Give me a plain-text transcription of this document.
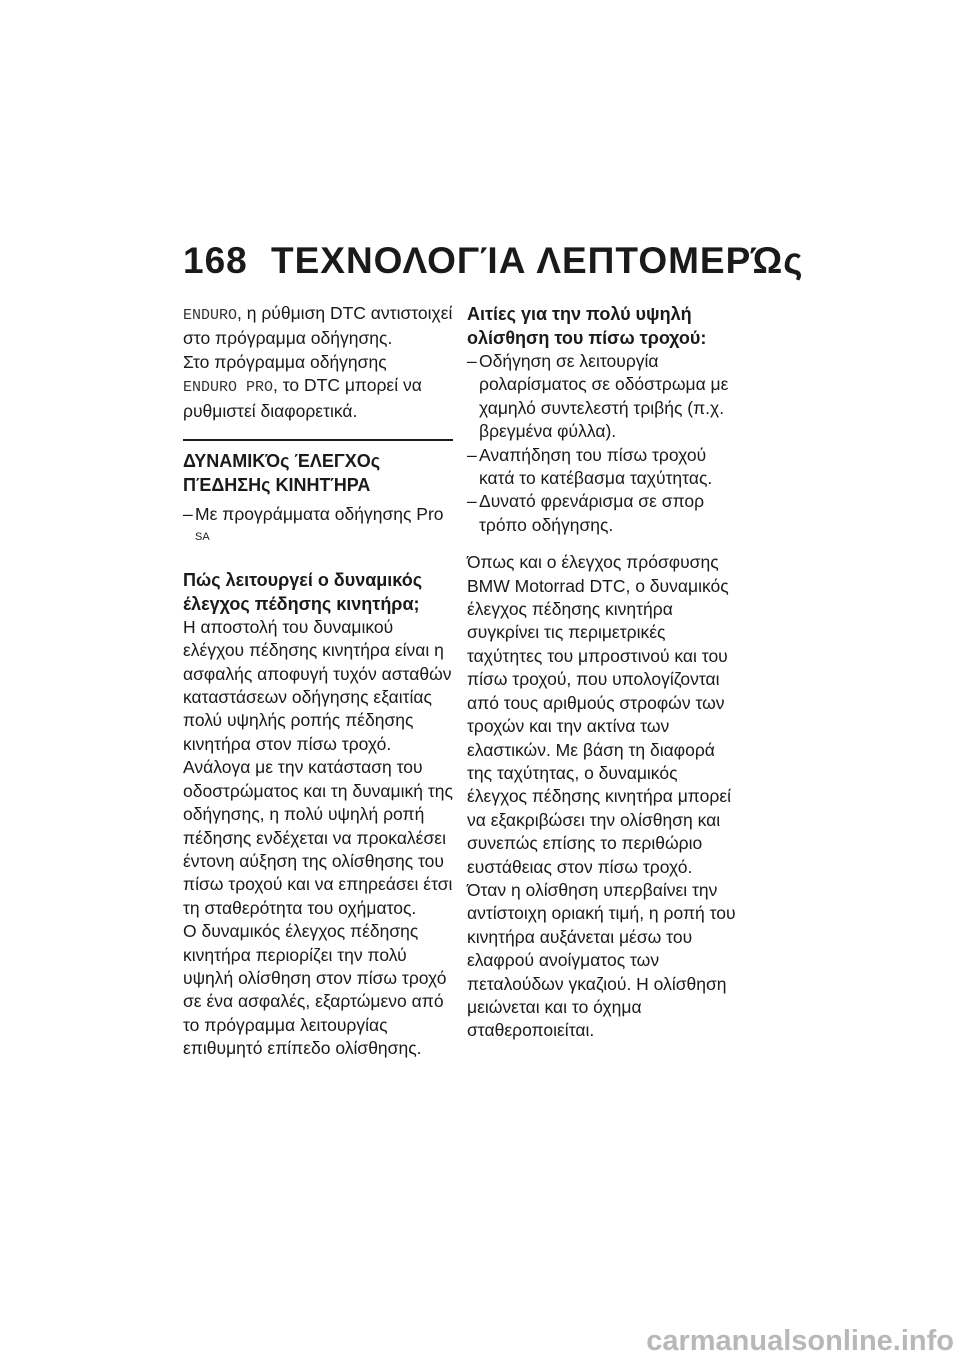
168 ΤΕΧΝΟΛΟΓΊΑ ΛΕΠΤΟΜΕΡΏς

ENDURO, η ρύθμιση DTC αντιστοιχεί στο πρόγραμμα οδήγησης.

Στο πρόγραμμα οδήγησης
ENDURO PRO, το DTC μπορεί να ρυθμιστεί διαφορετικά.

ΔΥΝΑΜΙΚΌς ΈΛΕΓΧΟς
ΠΈΔΗΣΗς ΚΙΝΗΤΉΡΑ

– Με προγράμματα οδήγησης Pro $^{SA}$

Πώς λειτουργεί ο δυναμικός
έλεγχος πέδησης κινητήρα;

Η αποστολή του δυναμικού ελέγχου πέδησης κινητήρα είναι η ασφαλής αποφυγή τυχόν ασταθών καταστάσεων οδήγησης εξαιτίας πολύ υψηλής ροπής πέδησης κινητήρα στον πίσω τροχό. Ανάλογα με την κατάσταση του οδοστρώματος και τη δυναμική της οδήγησης, η πολύ υψηλή ροπή πέδησης ενδέχεται να προκαλέσει έντονη αύξηση της ολίσθησης του πίσω τροχού και να επηρεάσει έτσι τη σταθερότητα του οχήματος.

Ο δυναμικός έλεγχος πέδησης κινητήρα περιορίζει την πολύ υψηλή ολίσθηση στον πίσω τροχό σε ένα ασφαλές, εξαρτώμενο από το πρόγραμμα λειτουργίας επιθυμητό επίπεδο ολίσθησης.

Αιτίες για την πολύ υψηλή
ολίσθηση του πίσω τροχού:

– Οδήγηση σε λειτουργία ρολαρίσματος σε οδόστρωμα με χαμηλό συντελεστή τριβής (π.χ. βρεγμένα φύλλα).
– Αναπήδηση του πίσω τροχού κατά το κατέβασμα ταχύτητας.
– Δυνατό φρενάρισμα σε σπορ τρόπο οδήγησης.

Όπως και ο έλεγχος πρόσφυσης BMW Motorrad DTC, ο δυναμικός έλεγχος πέδησης κινητήρα συγκρίνει τις περιμετρικές ταχύτητες του μπροστινού και του πίσω τροχού, που υπολογίζονται από τους αριθμούς στροφών των τροχών και την ακτίνα των ελαστικών. Με βάση τη διαφορά της ταχύτητας, ο δυναμικός έλεγχος πέδησης κινητήρα μπορεί να εξακριβώσει την ολίσθηση και συνεπώς επίσης το περιθώριο ευστάθειας στον πίσω τροχό.

Όταν η ολίσθηση υπερβαίνει την αντίστοιχη οριακή τιμή, η ροπή του κινητήρα αυξάνεται μέσω του ελαφρού ανοίγματος των πεταλούδων γκαζιού. Η ολίσθηση μειώνεται και το όχημα σταθεροποιείται.

carmanualsonline.info
